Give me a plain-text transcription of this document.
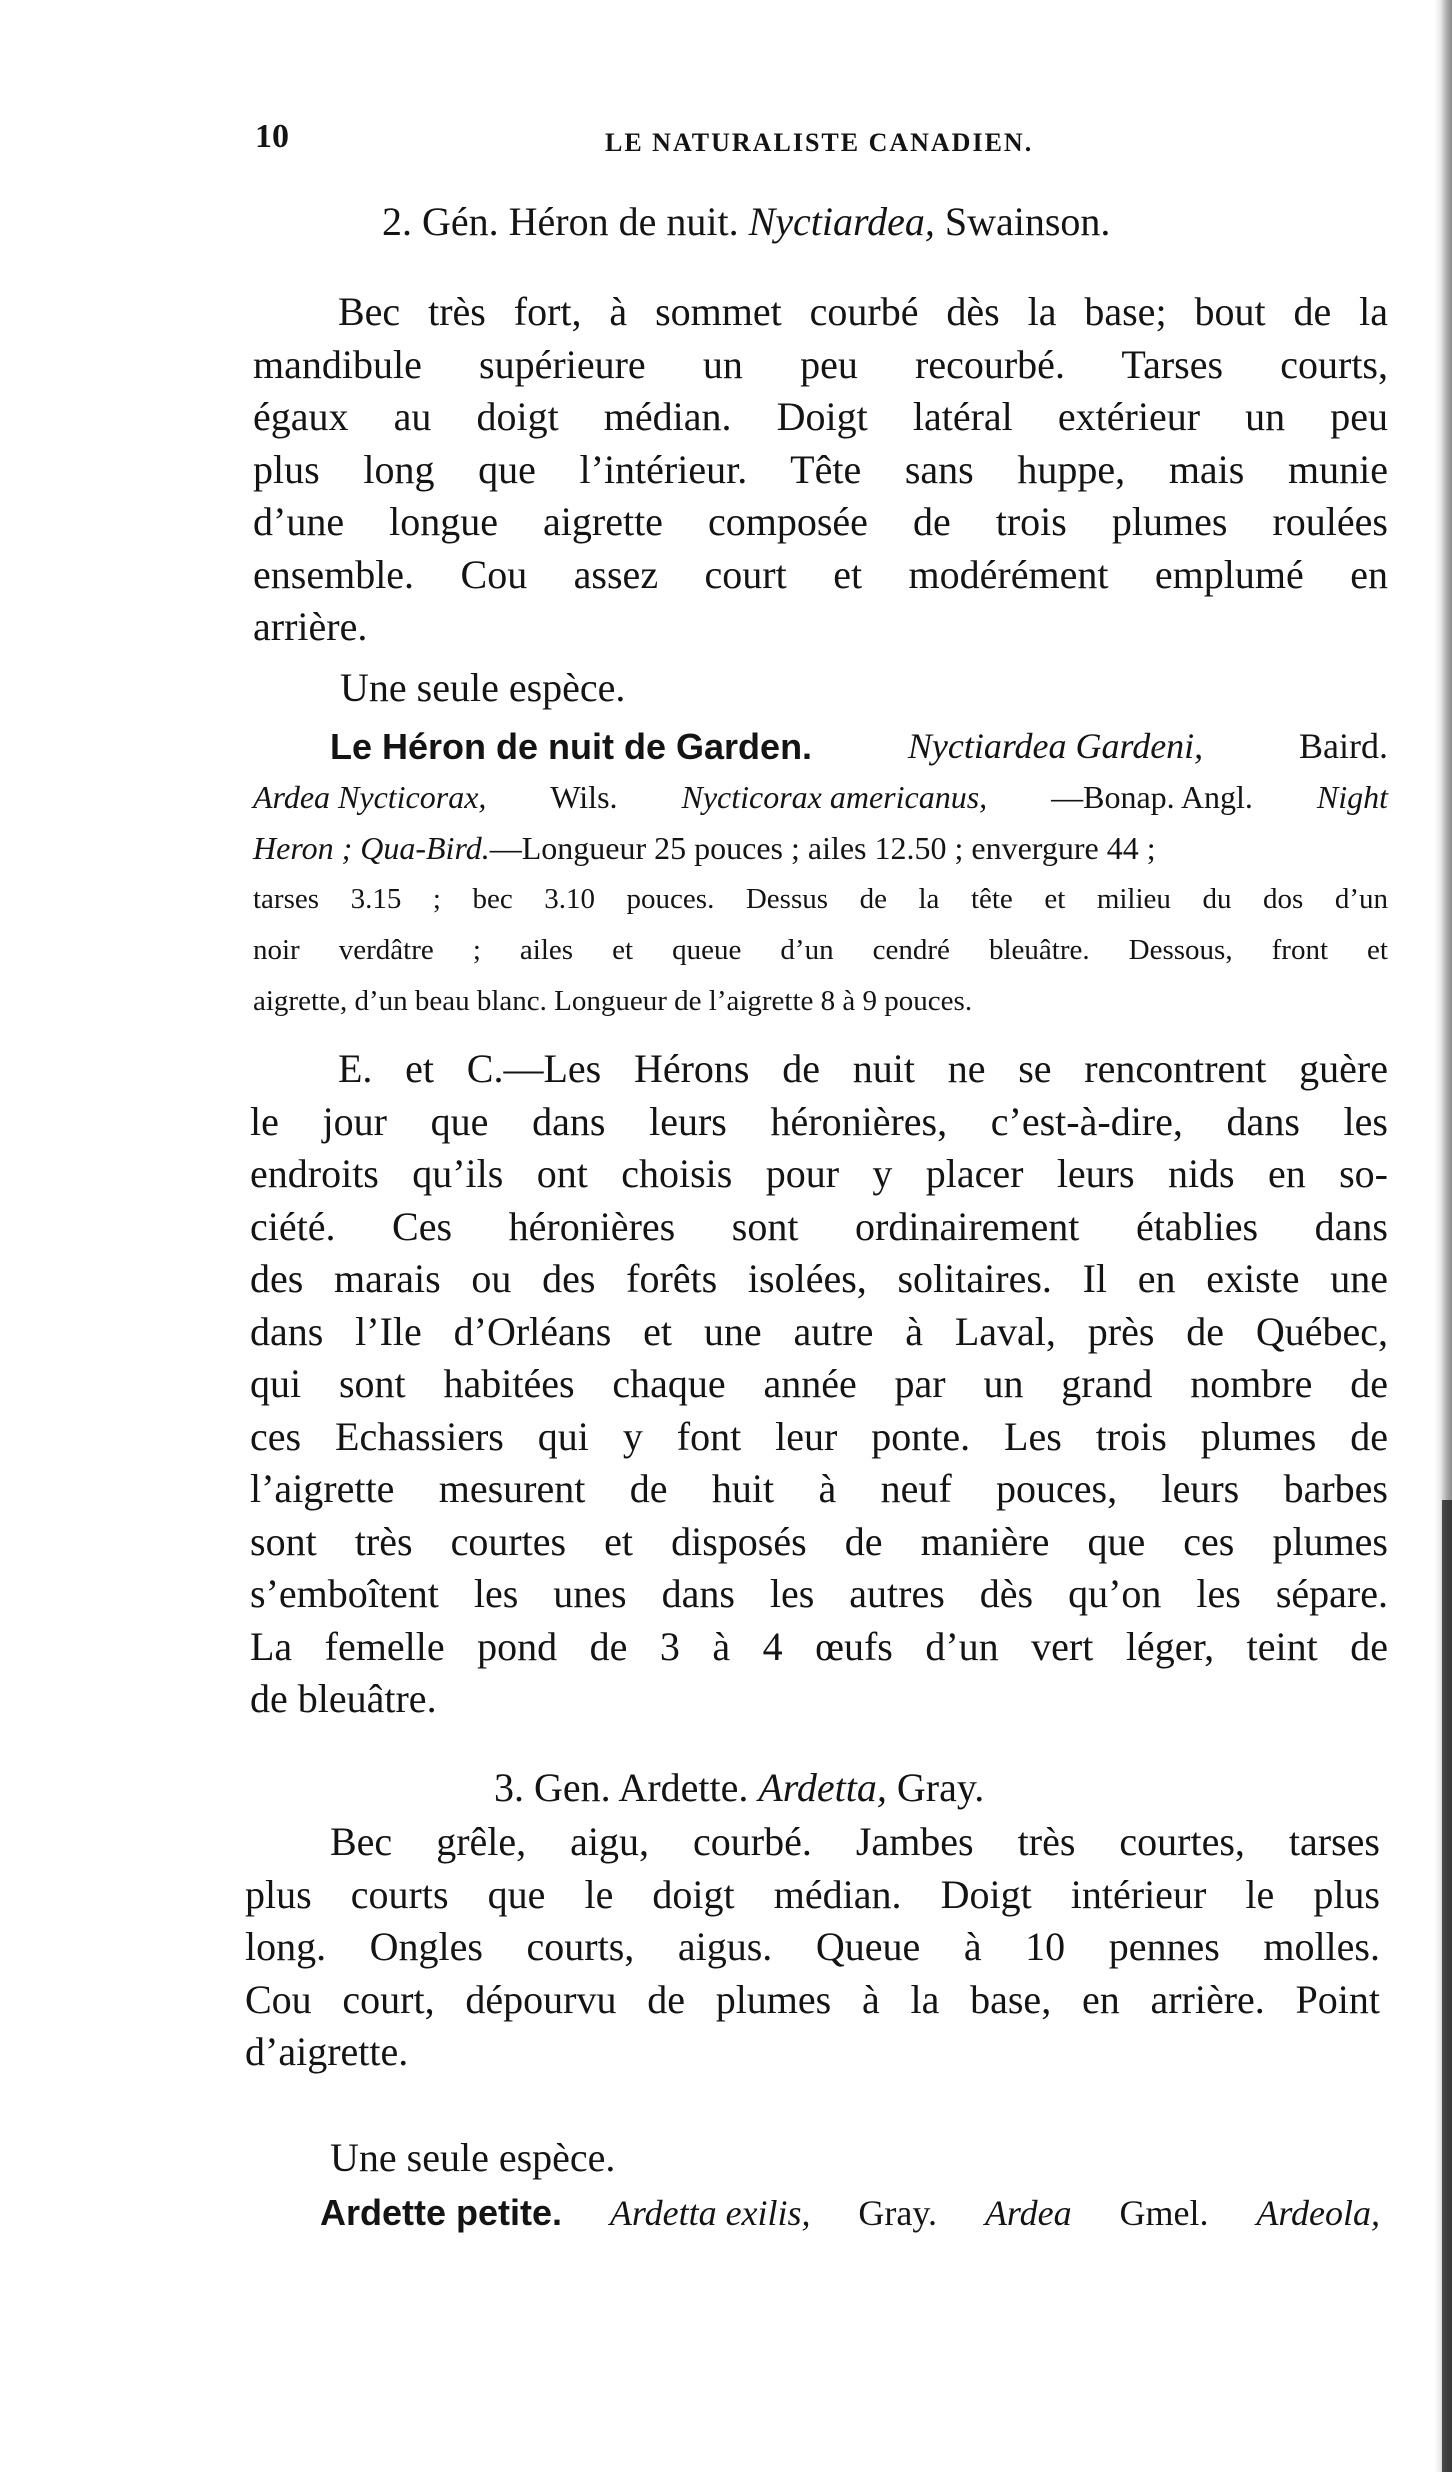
10	LE NATURALISTE CANADIEN.
2. Gén. Héron de nuit. Nyctiardea, Swainson.
Bec très fort, à sommet courbé dès la base; bout de la
mandibule supérieure un peu recourbé. Tarses courts,
égaux au doigt médian. Doigt latéral extérieur un peu
plus long que l’intérieur. Tête sans huppe, mais munie
d’une longue aigrette composée de trois plumes roulées
ensemble. Cou assez court et modérément emplumé en
arrière.
Une seule espèce.
Le Héron de nuit de Garden.	Nyctiardea Gardeni,	Baird.
Ardea Nycticorax, Wils. Nycticorax americanus, —Bonap. Angl. Night
Heron ; Qua-Bird.—Longueur 25 pouces ; ailes 12.50 ; envergure 44 ;
tarses 3.15 ; bec 3.10 pouces. Dessus de la tête et milieu du dos d’un
noir verdâtre ; ailes et queue d’un cendré bleuâtre. Dessous, front et
aigrette, d’un beau blanc. Longueur de l’aigrette 8 à 9 pouces.
E. et C.—Les Hérons de nuit ne se rencontrent guère
le jour que dans leurs héronières, c’est-à-dire, dans les
endroits qu’ils ont choisis pour y placer leurs nids en so-
ciété. Ces héronières sont ordinairement établies dans
des marais ou des forêts isolées, solitaires. Il en existe une
dans l’Ile d’Orléans et une autre à Laval, près de Québec,
qui sont habitées chaque année par un grand nombre de
ces Echassiers qui y font leur ponte. Les trois plumes de
l’aigrette mesurent de huit à neuf pouces, leurs barbes
sont très courtes et disposés de manière que ces plumes
s’emboîtent les unes dans les autres dès qu’on les sépare.
La femelle pond de 3 à 4 œufs d’un vert léger, teint de
de bleuâtre.
3. Gen. Ardette. Ardetta, Gray.
Bec grêle, aigu, courbé. Jambes très courtes, tarses
plus courts que le doigt médian. Doigt intérieur le plus
long. Ongles courts, aigus. Queue à 10 pennes molles.
Cou court, dépourvu de plumes à la base, en arrière. Point
d’aigrette.
Une seule espèce.
Ardette petite. Ardetta exilis, Gray. Ardea Gmel. Ardeola,
